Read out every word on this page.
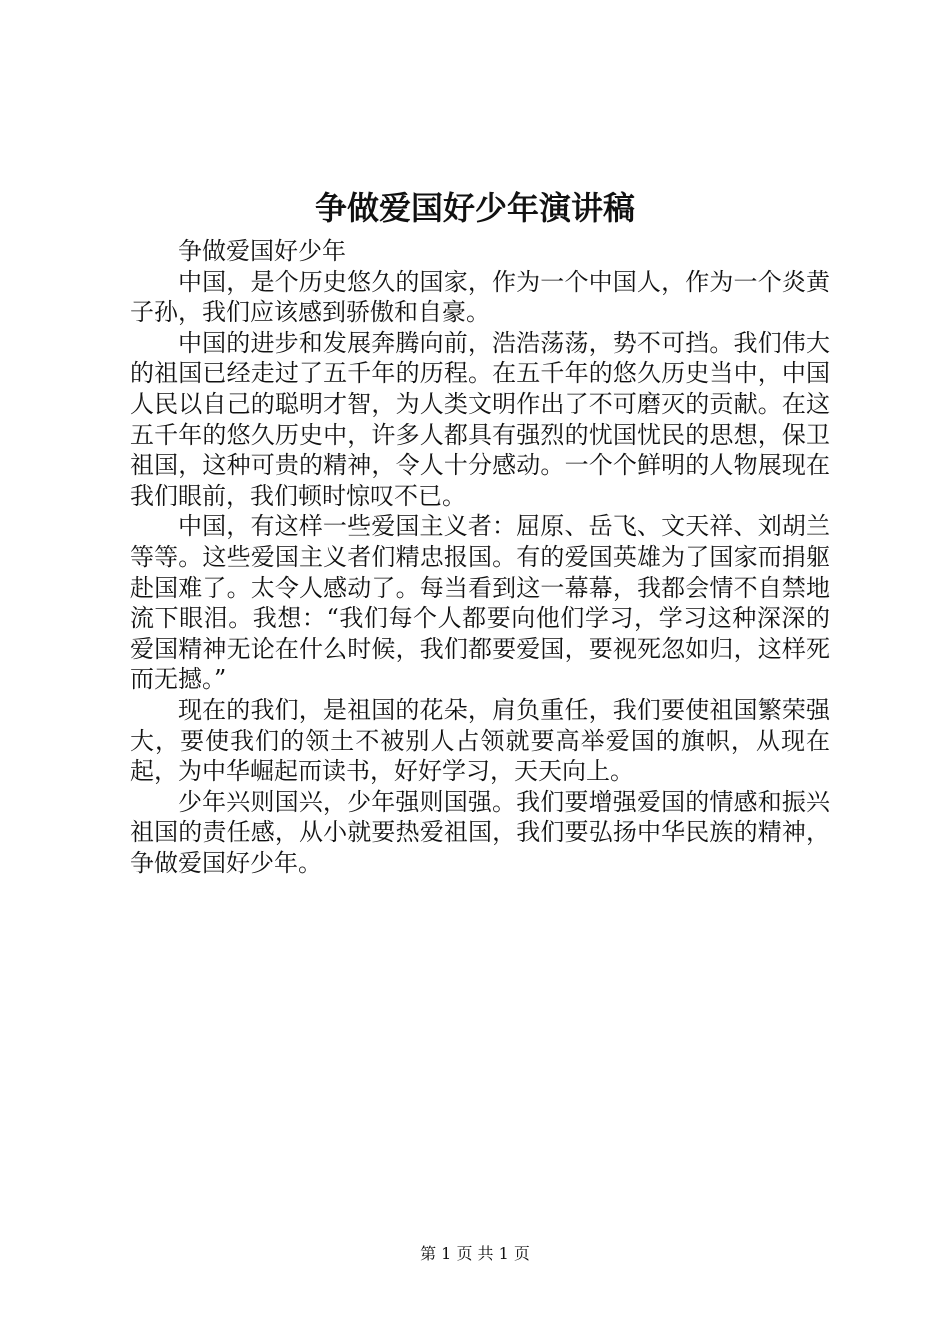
争做爱国好少年演讲稿

争做爱国好少年

中国，是个历史悠久的国家，作为一个中国人，作为一个炎黄子孙，我们应该感到骄傲和自豪。

中国的进步和发展奔腾向前，浩浩荡荡，势不可挡。我们伟大的祖国已经走过了五千年的历程。在五千年的悠久历史当中，中国人民以自己的聪明才智，为人类文明作出了不可磨灭的贡献。在这五千年的悠久历史中，许多人都具有强烈的忧国忧民的思想，保卫祖国，这种可贵的精神，令人十分感动。一个个鲜明的人物展现在我们眼前，我们顿时惊叹不已。

中国，有这样一些爱国主义者：屈原、岳飞、文天祥、刘胡兰等等。这些爱国主义者们精忠报国。有的爱国英雄为了国家而捐躯赴国难了。太令人感动了。每当看到这一幕幕，我都会情不自禁地流下眼泪。我想：“我们每个人都要向他们学习，学习这种深深的爱国精神无论在什么时候，我们都要爱国，要视死忽如归，这样死而无撼。”

现在的我们，是祖国的花朵，肩负重任，我们要使祖国繁荣强大，要使我们的领土不被别人占领就要高举爱国的旗帜，从现在起，为中华崛起而读书，好好学习，天天向上。

少年兴则国兴，少年强则国强。我们要增强爱国的情感和振兴祖国的责任感，从小就要热爱祖国，我们要弘扬中华民族的精神，争做爱国好少年。

第 1 页 共 1 页
